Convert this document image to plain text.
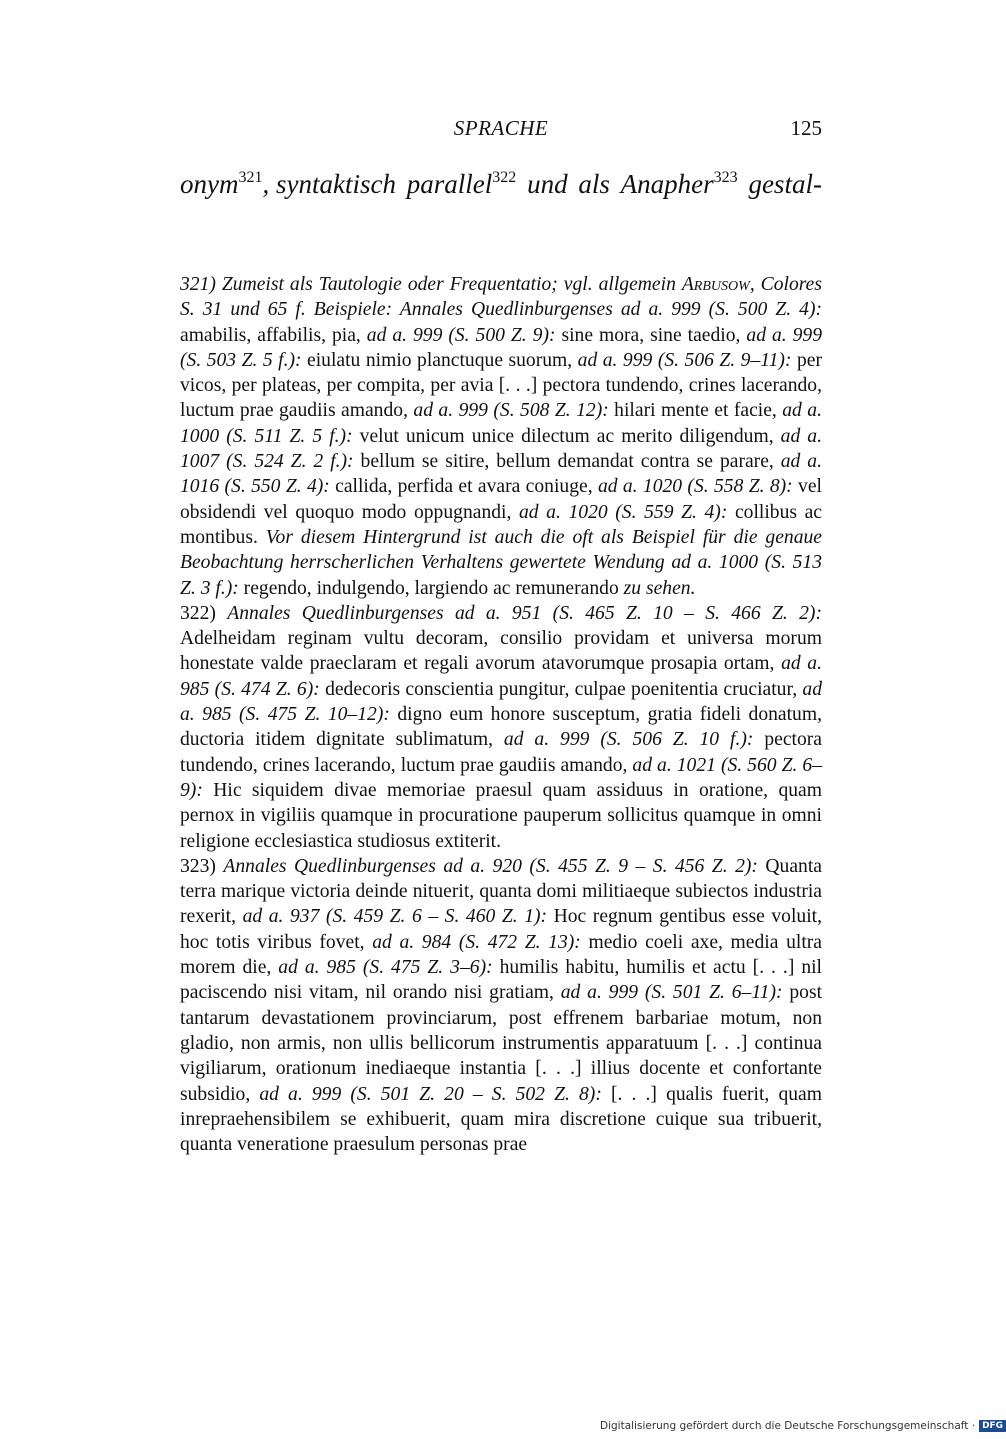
SPRACHE	125
onym$^{321}$, syntaktisch parallel$^{322}$ und als Anapher$^{323}$ gestal-

321) Zumeist als Tautologie oder Frequentatio; vgl. allgemein Arbusow, Colores S. 31 und 65 f. Beispiele: Annales Quedlinburgenses ad a. 999 (S. 500 Z. 4): amabilis, affabilis, pia, ad a. 999 (S. 500 Z. 9): sine mora, sine taedio, ad a. 999 (S. 503 Z. 5 f.): eiulatu nimio planctuque suorum, ad a. 999 (S. 506 Z. 9–11): per vicos, per plateas, per compita, per avia [. . .] pectora tundendo, crines lacerando, luctum prae gaudiis amando, ad a. 999 (S. 508 Z. 12): hilari mente et facie, ad a. 1000 (S. 511 Z. 5 f.): velut unicum unice dilectum ac merito diligendum, ad a. 1007 (S. 524 Z. 2 f.): bellum se sitire, bellum demandat contra se parare, ad a. 1016 (S. 550 Z. 4): callida, perfida et avara coniuge, ad a. 1020 (S. 558 Z. 8): vel obsidendi vel quoquo modo oppugnandi, ad a. 1020 (S. 559 Z. 4): collibus ac montibus. Vor diesem Hintergrund ist auch die oft als Beispiel für die genaue Beobachtung herrscherlichen Verhaltens gewertete Wendung ad a. 1000 (S. 513 Z. 3 f.): regendo, indulgendo, largiendo ac remunerando zu sehen.

322) Annales Quedlinburgenses ad a. 951 (S. 465 Z. 10 – S. 466 Z. 2): Adelheidam reginam vultu decoram, consilio providam et universa morum honestate valde praeclaram et regali avorum atavorumque prosapia ortam, ad a. 985 (S. 474 Z. 6): dedecoris conscientia pungitur, culpae poenitentia cruciatur, ad a. 985 (S. 475 Z. 10–12): digno eum honore susceptum, gratia fideli donatum, ductoria itidem dignitate sublimatum, ad a. 999 (S. 506 Z. 10 f.): pectora tundendo, crines lacerando, luctum prae gaudiis amando, ad a. 1021 (S. 560 Z. 6–9): Hic siquidem divae memoriae praesul quam assiduus in oratione, quam pernox in vigiliis quamque in procuratione pauperum sollicitus quamque in omni religione ecclesiastica studiosus extiterit.

323) Annales Quedlinburgenses ad a. 920 (S. 455 Z. 9 – S. 456 Z. 2): Quanta terra marique victoria deinde nituerit, quanta domi militiaeque subiectos industria rexerit, ad a. 937 (S. 459 Z. 6 – S. 460 Z. 1): Hoc regnum gentibus esse voluit, hoc totis viribus fovet, ad a. 984 (S. 472 Z. 13): medio coeli axe, media ultra morem die, ad a. 985 (S. 475 Z. 3–6): humilis habitu, humilis et actu [. . .] nil paciscendo nisi vitam, nil orando nisi gratiam, ad a. 999 (S. 501 Z. 6–11): post tantarum devastationem provinciarum, post effrenem barbariae motum, non gladio, non armis, non ullis bellicorum instrumentis apparatuum [. . .] continua vigiliarum, orationum inediaeque instantia [. . .] illius docente et confortante subsidio, ad a. 999 (S. 501 Z. 20 – S. 502 Z. 8): [. . .] qualis fuerit, quam inrepraehensibilem se exhibuerit, quam mira discretione cuique sua tribuerit, quanta veneratione praesulum personas prae

Digitalisierung gefördert durch die Deutsche Forschungsgemeinschaft · DFG
